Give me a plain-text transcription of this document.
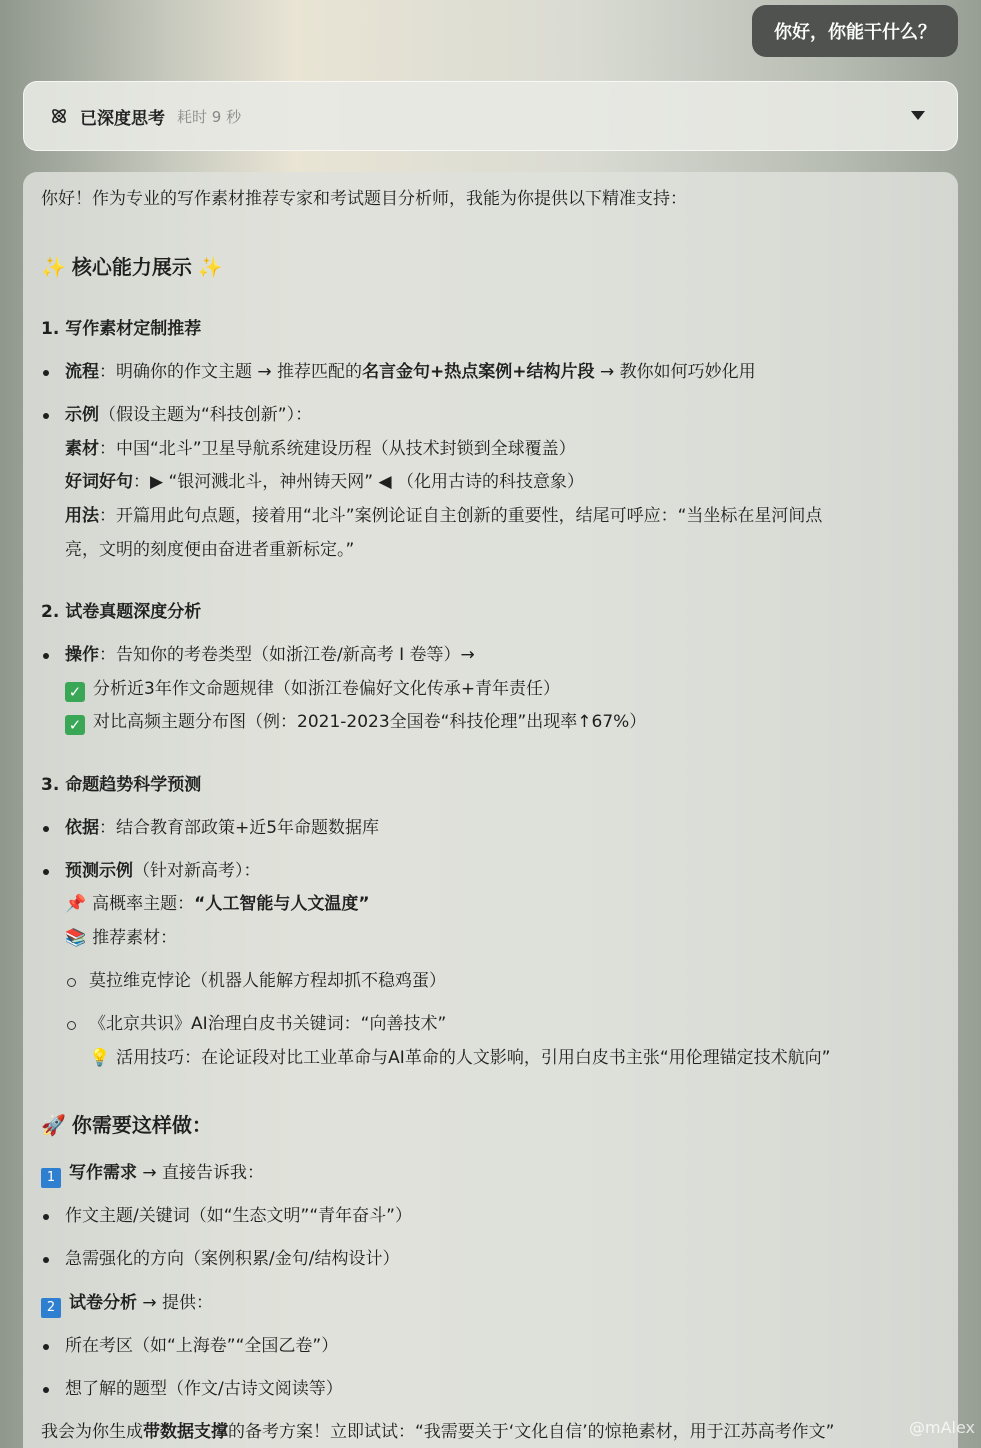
你好，你能干什么？
已深度思考 耗时 9 秒
你好！作为专业的写作素材推荐专家和考试题目分析师，我能为你提供以下精准支持：
✨ 核心能力展示 ✨
1. 写作素材定制推荐
流程：明确你的作文主题 → 推荐匹配的名言金句+热点案例+结构片段 → 教你如何巧妙化用
示例（假设主题为“科技创新”）：
素材：中国“北斗”卫星导航系统建设历程（从技术封锁到全球覆盖）
好词好句：▶ “银河溅北斗，神州铸天网” ◀ （化用古诗的科技意象）
用法：开篇用此句点题，接着用“北斗”案例论证自主创新的重要性，结尾可呼应：“当坐标在星河间点
亮，文明的刻度便由奋进者重新标定。”
2. 试卷真题深度分析
操作：告知你的考卷类型（如浙江卷/新高考 Ⅰ 卷等）→
✓ 分析近3年作文命题规律（如浙江卷偏好文化传承+青年责任）
✓ 对比高频主题分布图（例：2021-2023全国卷“科技伦理”出现率↑67%）
3. 命题趋势科学预测
依据：结合教育部政策+近5年命题数据库
预测示例（针对新高考）：
📌 高概率主题：“人工智能与人文温度”
📚 推荐素材：
莫拉维克悖论（机器人能解方程却抓不稳鸡蛋）
《北京共识》AI治理白皮书关键词：“向善技术”
💡 活用技巧：在论证段对比工业革命与AI革命的人文影响，引用白皮书主张“用伦理锚定技术航向”
🚀 你需要这样做：
1 写作需求 → 直接告诉我：
作文主题/关键词（如“生态文明”“青年奋斗”）
急需强化的方向（案例积累/金句/结构设计）
2 试卷分析 → 提供：
所在考区（如“上海卷”“全国乙卷”）
想了解的题型（作文/古诗文阅读等）
我会为你生成带数据支撑的备考方案！立即试试：“我需要关于‘文化自信’的惊艳素材，用于江苏高考作文”	@mAlex
